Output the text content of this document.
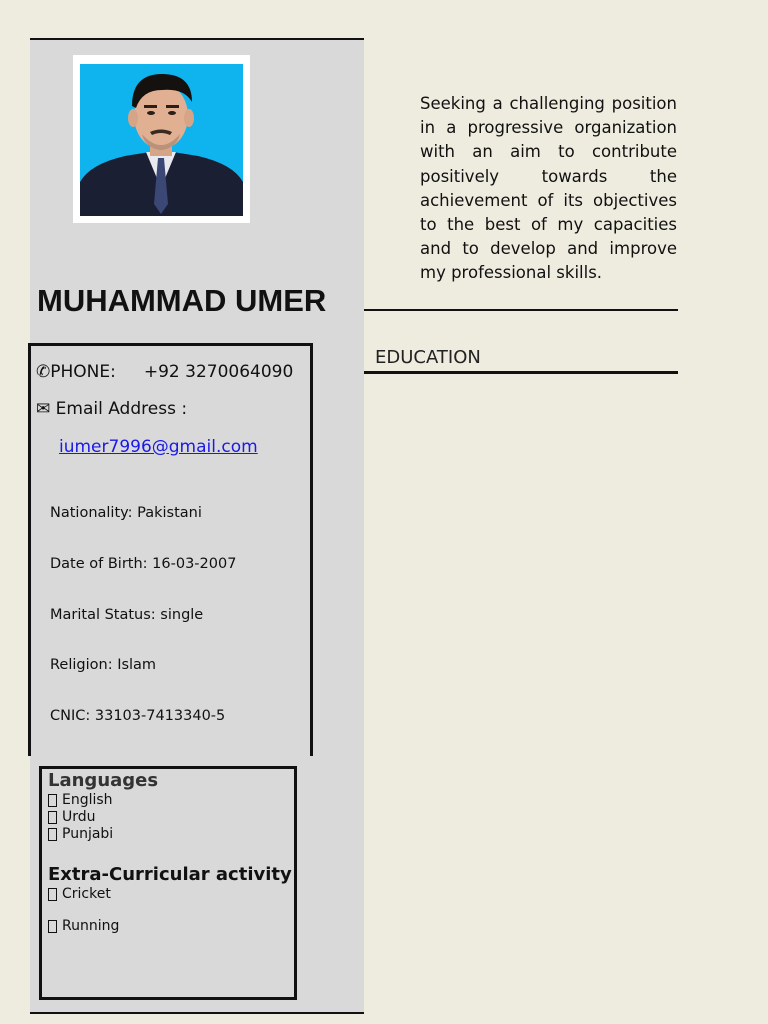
MUHAMMAD UMER
✆PHONE: +92 3270064090
✉ Email Address :
iumer7996@gmail.com
Nationality: Pakistani
Date of Birth: 16-03-2007
Marital Status: single
Religion: Islam
CNIC: 33103-7413340-5
Languages
English
Urdu
Punjabi
Extra-Curricular activity
Cricket
Running
Seeking a challenging position in a progressive organization with an aim to contribute positively towards the achievement of its objectives to the best of my capacities and to develop and improve my professional skills.
EDUCATION
